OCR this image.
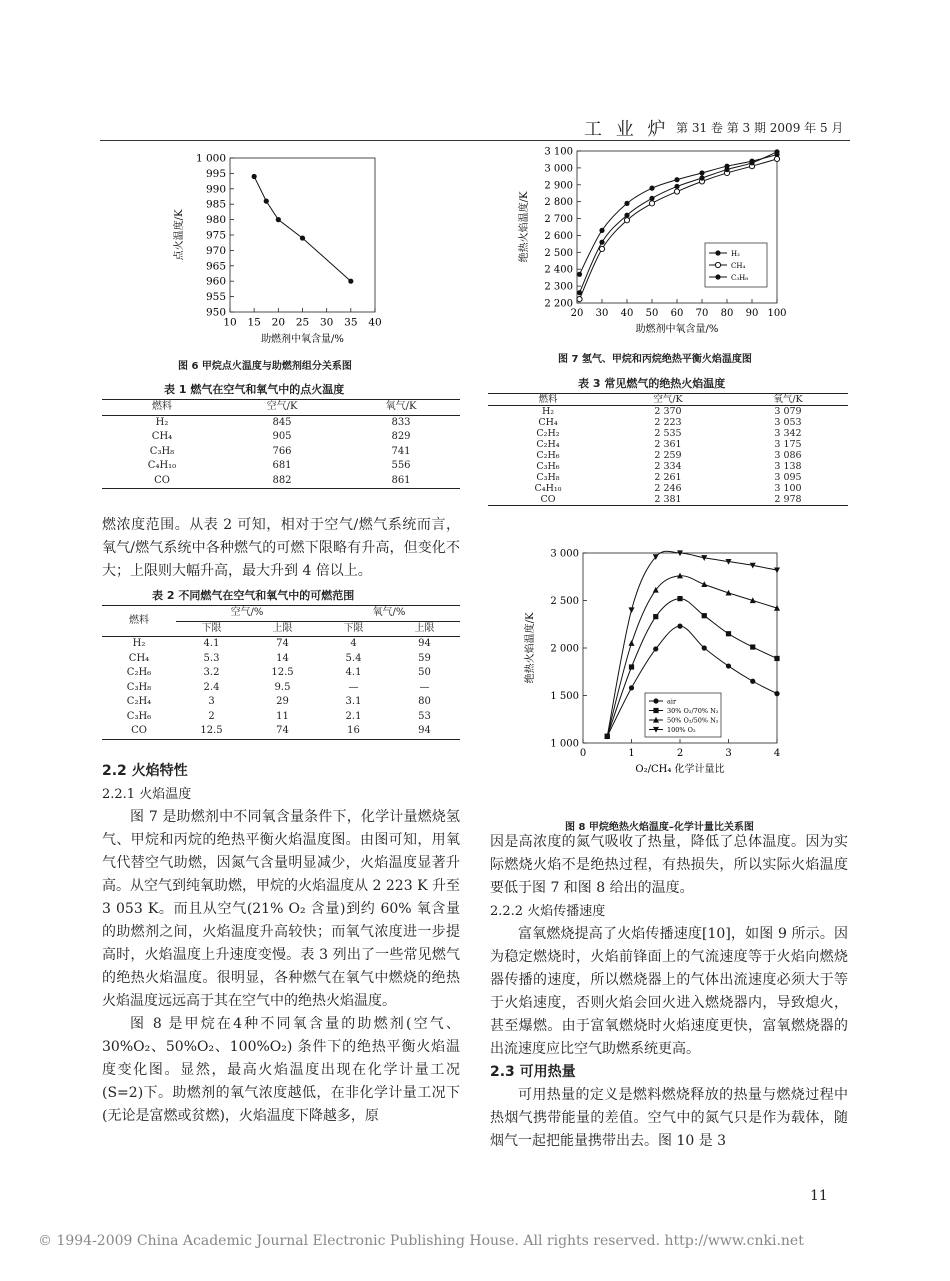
工 业 炉 第 31 卷 第 3 期 2009 年 5 月
950
955
960
965
970
975
980
985
990
995
1 000
10 15 20 25 30 35 40
助燃剂中氧含量/%
点火温度/K
图 6 甲烷点火温度与助燃剂组分关系图
表 1 燃气在空气和氧气中的点火温度
燃料	空气/K	氧气/K
H₂	845	833
CH₄	905	829
C₃H₈	766	741
C₄H₁₀	681	556
CO	882	861

燃浓度范围。从表 2 可知，相对于空气/燃气系统而言，氧气/燃气系统中各种燃气的可燃下限略有升高，但变化不大；上限则大幅升高，最大升到 4 倍以上。

表 2 不同燃气在空气和氧气中的可燃范围
燃料	空气/%		氧气/%	
	下限	上限	下限	上限
H₂	4.1	74	4	94
CH₄	5.3	14	5.4	59
C₂H₆	3.2	12.5	4.1	50
C₃H₈	2.4	9.5	—	—
C₂H₄	3	29	3.1	80
C₃H₆	2	11	2.1	53
CO	12.5	74	16	94

2.2 火焰特性

2.2.1 火焰温度

图 7 是助燃剂中不同氧含量条件下，化学计量燃烧氢气、甲烷和丙烷的绝热平衡火焰温度图。由图可知，用氧气代替空气助燃，因氮气含量明显减少，火焰温度显著升高。从空气到纯氧助燃，甲烷的火焰温度从 2 223 K 升至 3 053 K。而且从空气(21% O₂ 含量)到约 60% 氧含量的助燃剂之间，火焰温度升高较快；而氧气浓度进一步提高时，火焰温度上升速度变慢。表 3 列出了一些常见燃气的绝热火焰温度。很明显，各种燃气在氧气中燃烧的绝热火焰温度远远高于其在空气中的绝热火焰温度。

图 8 是甲烷在4种不同氧含量的助燃剂(空气、30%O₂、50%O₂、100%O₂) 条件下的绝热平衡火焰温度变化图。显然，最高火焰温度出现在化学计量工况(S=2)下。助燃剂的氧气浓度越低，在非化学计量工况下(无论是富燃或贫燃)，火焰温度下降越多，原

2 200
2 300
2 400
2 500
2 600
2 700
2 800
2 900
3 000
3 100
20 30 40 50 60 70 80 90 100
助燃剂中氧含量/%
绝热火焰温度/K	H₂
CH₄
C₃H₈
图 7 氢气、甲烷和丙烷绝热平衡火焰温度图
表 3 常见燃气的绝热火焰温度
燃料	空气/K	氧气/K
H₂	2 370	3 079
CH₄	2 223	3 053
C₂H₂	2 535	3 342
C₂H₄	2 361	3 175
C₂H₆	2 259	3 086
C₃H₆	2 334	3 138
C₃H₈	2 261	3 095
C₄H₁₀	2 246	3 100
CO	2 381	2 978
1 000
1 500
2 000
2 500
3 000
0	1	2	3	4
O₂/CH₄ 化学计量比
绝热火焰温度/K
air
30% O₂/70% N₂
50% O₂/50% N₂
100% O₂
图 8 甲烷绝热火焰温度–化学计量比关系图

因是高浓度的氮气吸收了热量，降低了总体温度。因为实际燃烧火焰不是绝热过程，有热损失，所以实际火焰温度要低于图 7 和图 8 给出的温度。

2.2.2 火焰传播速度

富氧燃烧提高了火焰传播速度[10]，如图 9 所示。因为稳定燃烧时，火焰前锋面上的气流速度等于火焰向燃烧器传播的速度，所以燃烧器上的气体出流速度必须大于等于火焰速度，否则火焰会回火进入燃烧器内，导致熄火，甚至爆燃。由于富氧燃烧时火焰速度更快，富氧燃烧器的出流速度应比空气助燃系统更高。

2.3 可用热量

可用热量的定义是燃料燃烧释放的热量与燃烧过程中热烟气携带能量的差值。空气中的氮气只是作为载体，随烟气一起把能量携带出去。图 10 是 3

11
© 1994-2009 China Academic Journal Electronic Publishing House. All rights reserved. http://www.cnki.net
